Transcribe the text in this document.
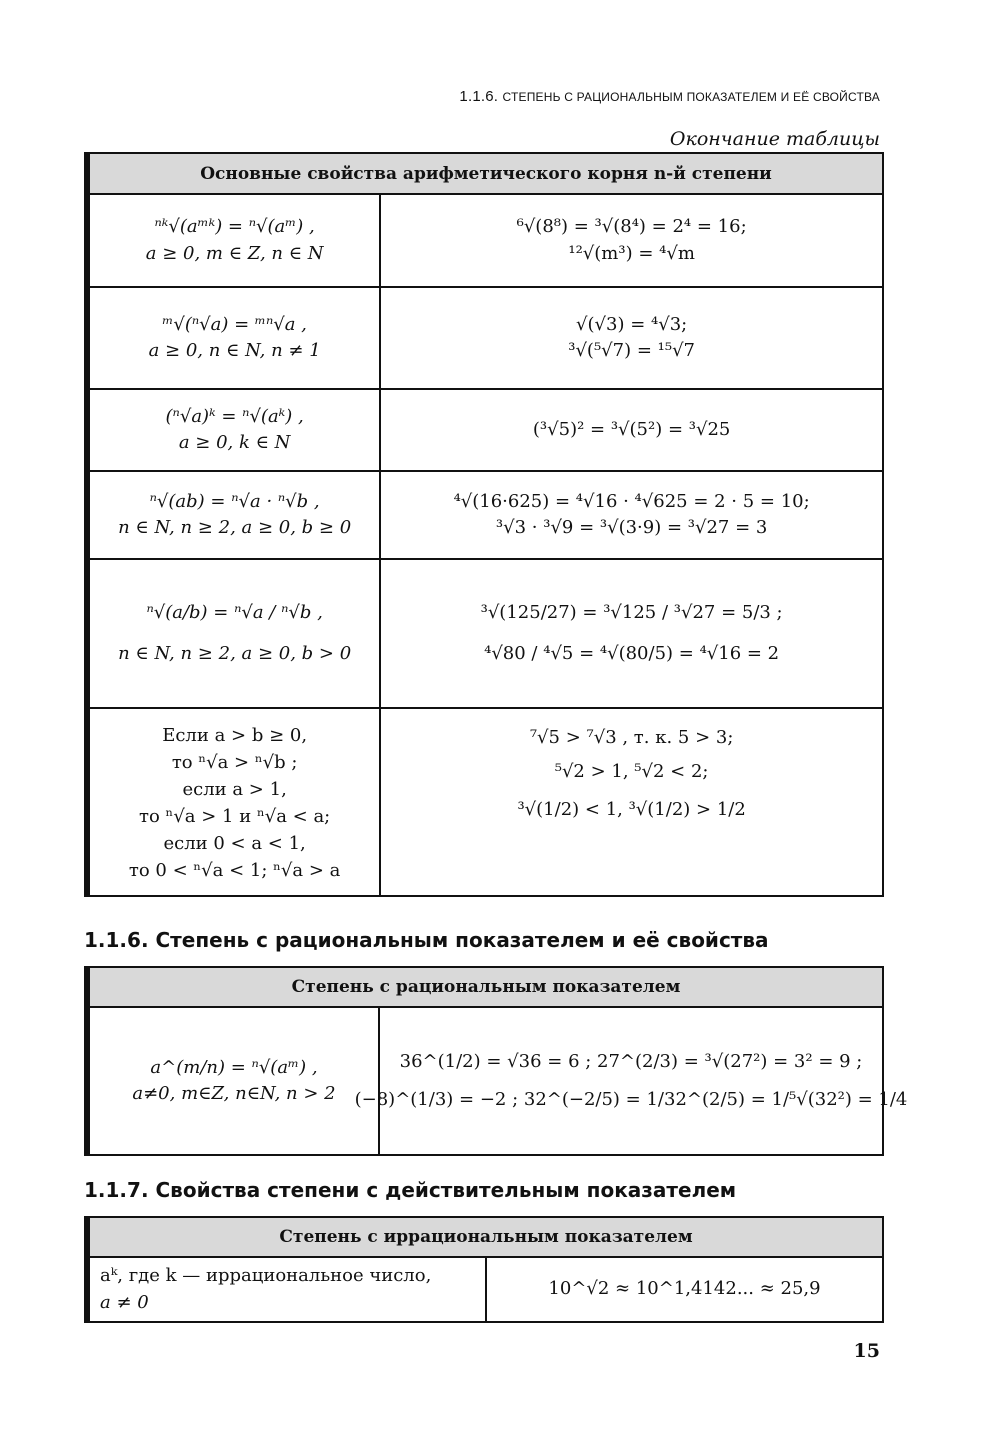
1.1.6. СТЕПЕНЬ С РАЦИОНАЛЬНЫМ ПОКАЗАТЕЛЕМ И ЕЁ СВОЙСТВА
Окончание таблицы
Основные свойства арифметического корня n-й степени
ⁿᵏ√(aᵐᵏ) = ⁿ√(aᵐ) ,
a ≥ 0, m ∈ Z, n ∈ N
⁶√(8⁸) = ³√(8⁴) = 2⁴ = 16;
¹²√(m³) = ⁴√m
ᵐ√(ⁿ√a) = ᵐⁿ√a ,
a ≥ 0, n ∈ N, n ≠ 1
√(√3) = ⁴√3;
³√(⁵√7) = ¹⁵√7
(ⁿ√a)ᵏ = ⁿ√(aᵏ) ,
a ≥ 0, k ∈ N
(³√5)² = ³√(5²) = ³√25
ⁿ√(ab) = ⁿ√a · ⁿ√b ,
n ∈ N, n ≥ 2, a ≥ 0, b ≥ 0
⁴√(16·625) = ⁴√16 · ⁴√625 = 2 · 5 = 10;
³√3 · ³√9 = ³√(3·9) = ³√27 = 3
ⁿ√(a/b) = ⁿ√a / ⁿ√b ,
n ∈ N, n ≥ 2, a ≥ 0, b > 0
³√(125/27) = ³√125 / ³√27 = 5/3 ;
⁴√80 / ⁴√5 = ⁴√(80/5) = ⁴√16 = 2
Если a > b ≥ 0,
то ⁿ√a > ⁿ√b ;
если a > 1,
то ⁿ√a > 1 и ⁿ√a < a;
если 0 < a < 1,
то 0 < ⁿ√a < 1; ⁿ√a > a
⁷√5 > ⁷√3 , т. к. 5 > 3;
⁵√2 > 1, ⁵√2 < 2;
³√(1/2) < 1, ³√(1/2) > 1/2
1.1.6. Степень с рациональным показателем и её свойства
Степень с рациональным показателем
a^(m/n) = ⁿ√(aᵐ) ,
a≠0, m∈Z, n∈N, n > 2
36^(1/2) = √36 = 6 ; 27^(2/3) = ³√(27²) = 3² = 9 ;
(−8)^(1/3) = −2 ; 32^(−2/5) = 1/32^(2/5) = 1/⁵√(32²) = 1/4
1.1.7. Свойства степени с действительным показателем
Степень с иррациональным показателем
aᵏ, где k — иррациональное число,
a ≠ 0
10^√2 ≈ 10^1,4142... ≈ 25,9
15
